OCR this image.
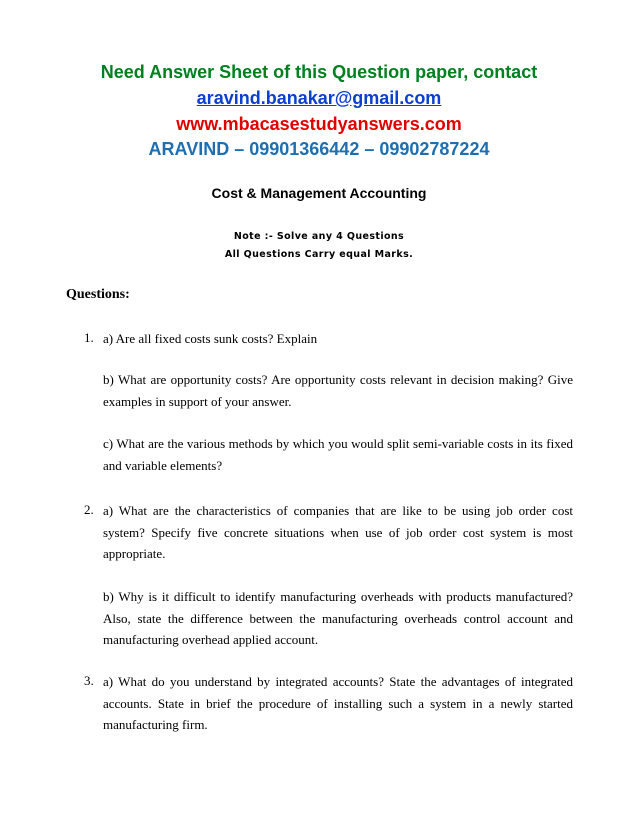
Need Answer Sheet of this Question paper, contact
aravind.banakar@gmail.com
www.mbacasestudyanswers.com
ARAVIND – 09901366442 – 09902787224
Cost & Management Accounting
Note :- Solve any 4 Questions
All Questions Carry equal Marks.
Questions:
1. a) Are all fixed costs sunk costs? Explain
b) What are opportunity costs? Are opportunity costs relevant in decision making? Give examples in support of your answer.
c) What are the various methods by which you would split semi-variable costs in its fixed and variable elements?
2. a) What are the characteristics of companies that are like to be using job order cost system? Specify five concrete situations when use of job order cost system is most appropriate.
b) Why is it difficult to identify manufacturing overheads with products manufactured? Also, state the difference between the manufacturing overheads control account and manufacturing overhead applied account.
3. a) What do you understand by integrated accounts? State the advantages of integrated accounts. State in brief the procedure of installing such a system in a newly started manufacturing firm.
